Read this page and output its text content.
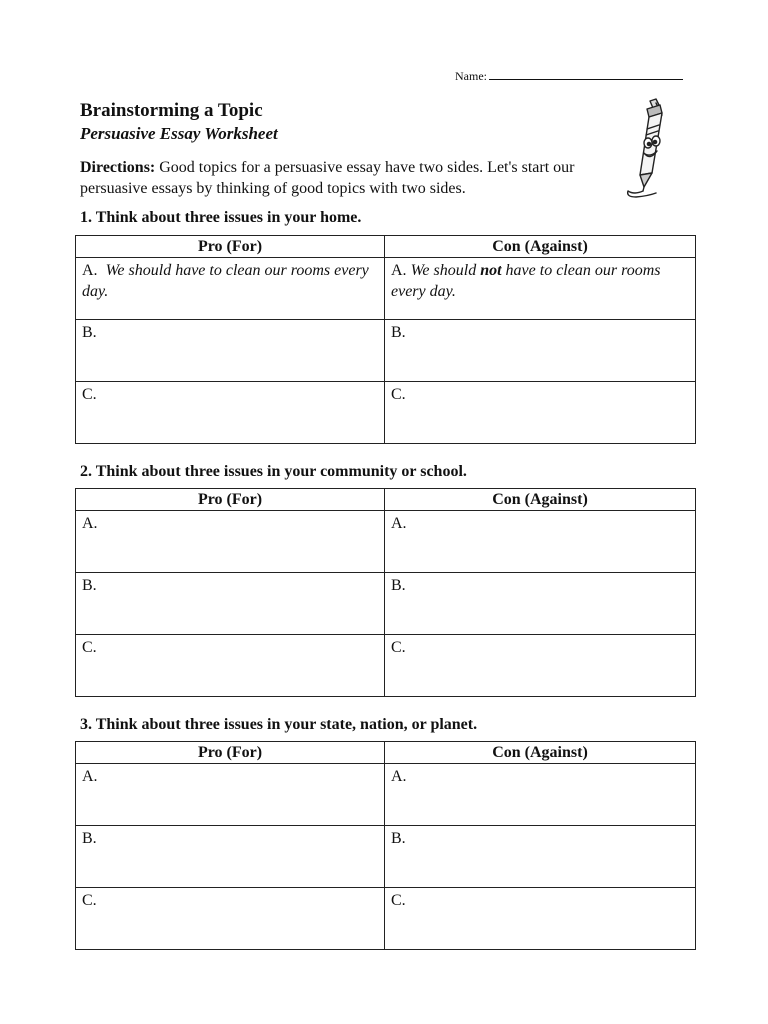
Name:
Brainstorming a Topic
Persuasive Essay Worksheet

Directions: Good topics for a persuasive essay have two sides. Let's start our persuasive essays by thinking of good topics with two sides.

1. Think about three issues in your home.

Pro (For)	Con (Against)
A. We should have to clean our rooms every day.	A. We should not have to clean our rooms every day.
B.	B.
C.	C.

2. Think about three issues in your community or school.

Pro (For)	Con (Against)
A.	A.
B.	B.
C.	C.

3. Think about three issues in your state, nation, or planet.

Pro (For)	Con (Against)
A.	A.
B.	B.
C.	C.
